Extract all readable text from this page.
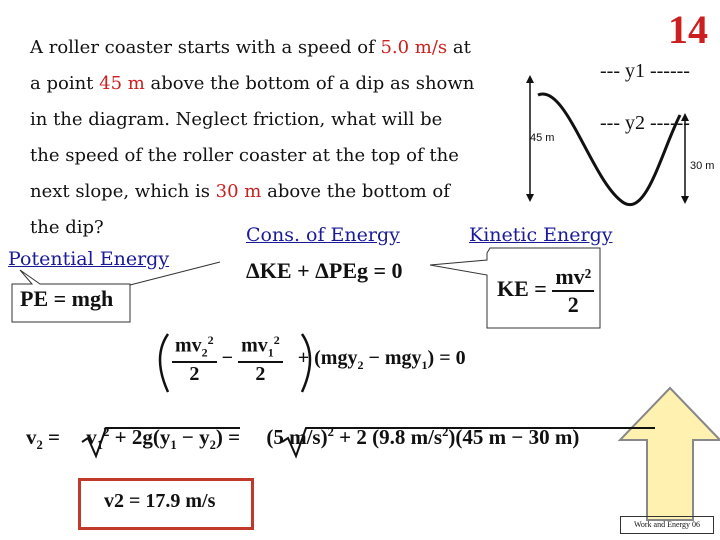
14
A roller coaster starts with a speed of 5.0 m/s at
a point 45 m above the bottom of a dip as shown
in the diagram. Neglect friction, what will be
the speed of the roller coaster at the top of the
next slope, which is 30 m above the bottom of
the dip?
45 m
30 m
--- y1 ------
--- y2 ------
Cons. of Energy	Kinetic Energy
Potential Energy
PE = mgh
ΔKE + ΔPEg = 0
KE = $\frac{\text{mv²}}{2}$
$\frac{mv_2^2}{2} - \frac{mv_1^2}{2} + (mgy_2 - mgy_1) = 0$
$v_2$ =     $v_1^2 + 2g(y_1 - y_2)$ =     (5 m/s)$^2$ + 2 (9.8 $m/s^2)(45$ m − 30 m)
v2 = 17.9 m/s
Work and Energy 06
